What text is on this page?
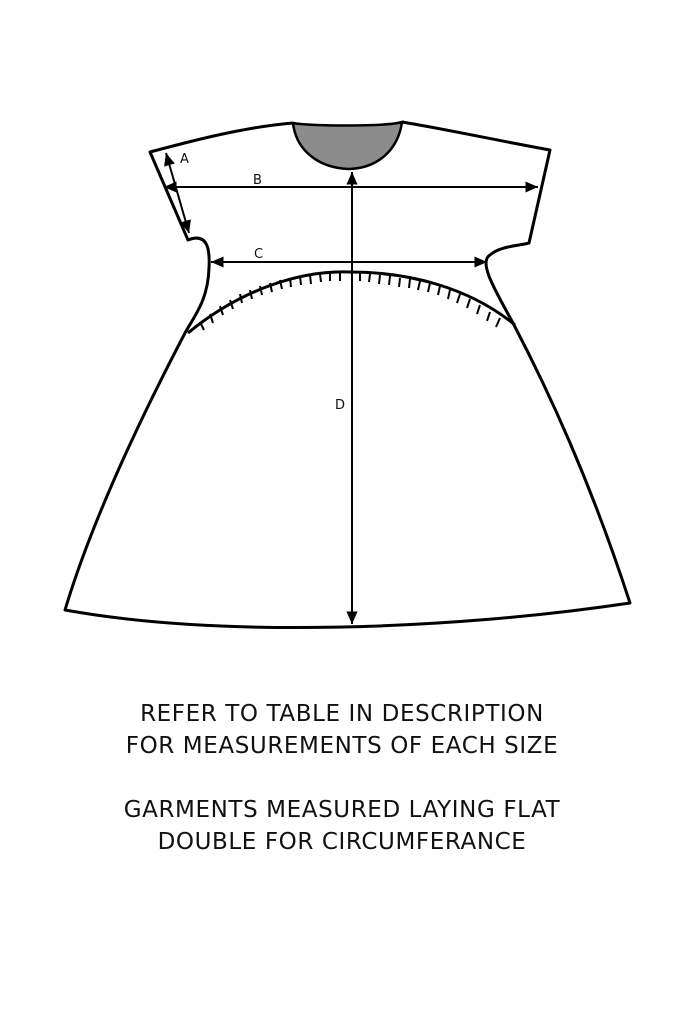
A
B
C
D
REFER TO TABLE IN DESCRIPTION
FOR MEASUREMENTS OF EACH SIZE
GARMENTS MEASURED LAYING FLAT
DOUBLE FOR CIRCUMFERANCE
